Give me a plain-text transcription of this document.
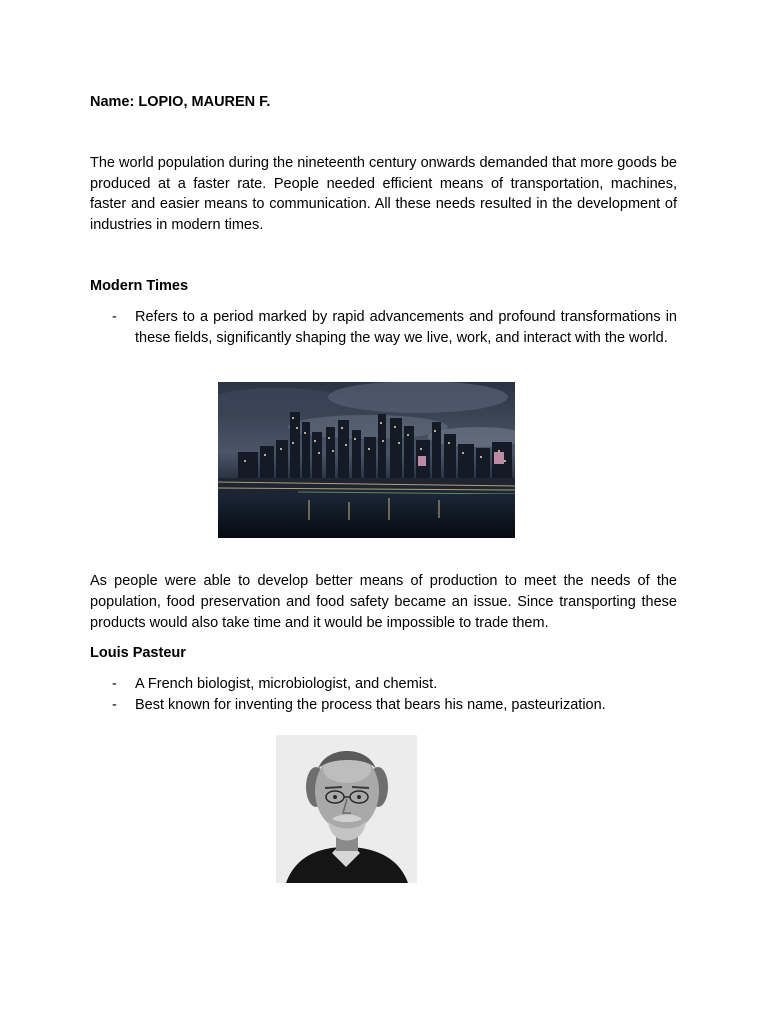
Name: LOPIO, MAUREN F.

The world population during the nineteenth century onwards demanded that more goods be produced at a faster rate. People needed efficient means of transportation, machines, faster and easier means to communication. All these needs resulted in the development of industries in modern times.

Modern Times

- Refers to a period marked by rapid advancements and profound transformations in these fields, significantly shaping the way we live, work, and interact with the world.

As people were able to develop better means of production to meet the needs of the population, food preservation and food safety became an issue. Since transporting these products would also take time and it would be impossible to trade them.

Louis Pasteur

- A French biologist, microbiologist, and chemist.
- Best known for inventing the process that bears his name, pasteurization.
